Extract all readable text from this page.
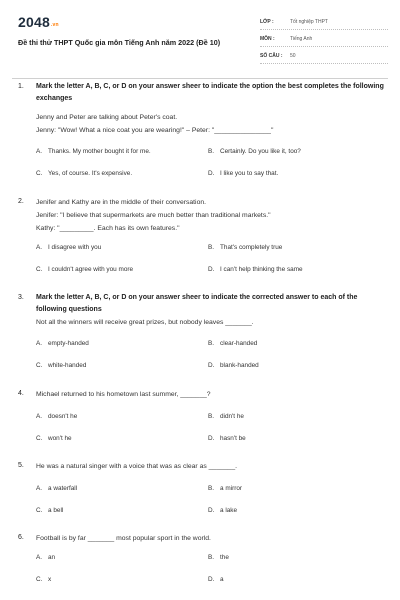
2048.vn
Đề thi thử THPT Quốc gia môn Tiếng Anh năm 2022 (Đề 10)
LỚP :	Tốt nghiệp THPT
MÔN :	Tiếng Anh
SỐ CÂU :	50
1.	Mark the letter A, B, C, or D on your answer sheer to indicate the option the best completes the following exchanges
Jenny and Peter are talking about Peter's coat.
Jenny: "Wow! What a nice coat you are wearing!" – Peter: "_______________"
A. Thanks. My mother bought it for me.	B. Certainly. Do you like it, too?
C. Yes, of course. It's expensive.	D. I like you to say that.
2.	Jenifer and Kathy are in the middle of their conversation.
Jenifer: "I believe that supermarkets are much better than traditional markets."
Kathy: "_________. Each has its own features."
A. I disagree with you	B. That's completely true
C. I couldn't agree with you more	D. I can't help thinking the same
3.	Mark the letter A, B, C, or D on your answer sheer to indicate the corrected answer to each of the following questions
Not all the winners will receive great prizes, but nobody leaves _______.
A. empty-handed	B. clear-handed
C. white-handed	D. blank-handed
4.	Michael returned to his hometown last summer, _______?
A. doesn't he	B. didn't he
C. won't he	D. hasn't be
5.	He was a natural singer with a voice that was as clear as _______.
A. a waterfall	B. a mirror
C. a bell	D. a lake
6.	Football is by far _______ most popular sport in the world.
A. an	B. the
C. x	D. a
